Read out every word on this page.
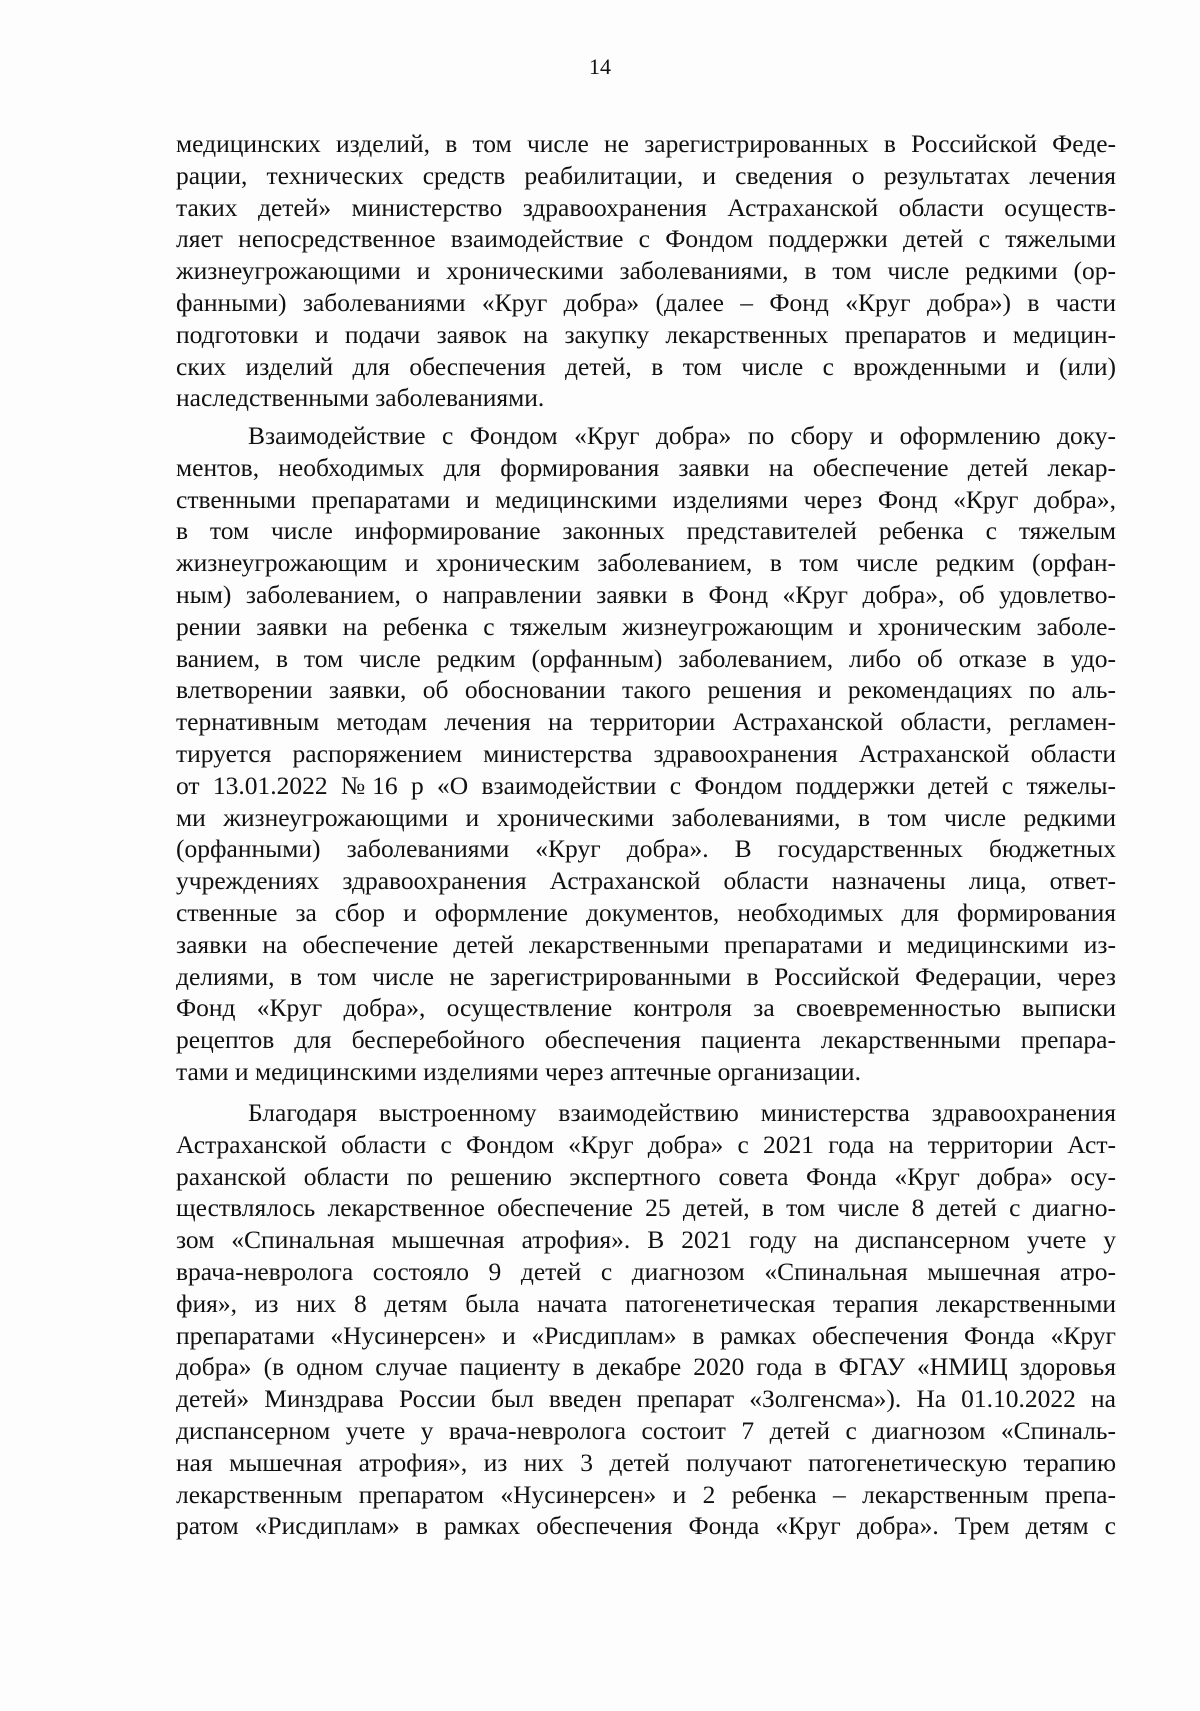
14
медицинских изделий, в том числе не зарегистрированных в Российской Феде-
рации, технических средств реабилитации, и сведения о результатах лечения
таких детей» министерство здравоохранения Астраханской области осуществ-
ляет непосредственное взаимодействие с Фондом поддержки детей с тяжелыми
жизнеугрожающими и хроническими заболеваниями, в том числе редкими (ор-
фанными) заболеваниями «Круг добра» (далее – Фонд «Круг добра») в части
подготовки и подачи заявок на закупку лекарственных препаратов и медицин-
ских изделий для обеспечения детей, в том числе с врожденными и (или)
наследственными заболеваниями.
Взаимодействие с Фондом «Круг добра» по сбору и оформлению доку-
ментов, необходимых для формирования заявки на обеспечение детей лекар-
ственными препаратами и медицинскими изделиями через Фонд «Круг добра»,
в том числе информирование законных представителей ребенка с тяжелым
жизнеугрожающим и хроническим заболеванием, в том числе редким (орфан-
ным) заболеванием, о направлении заявки в Фонд «Круг добра», об удовлетво-
рении заявки на ребенка с тяжелым жизнеугрожающим и хроническим заболе-
ванием, в том числе редким (орфанным) заболеванием, либо об отказе в удо-
влетворении заявки, об обосновании такого решения и рекомендациях по аль-
тернативным методам лечения на территории Астраханской области, регламен-
тируется распоряжением министерства здравоохранения Астраханской области
от 13.01.2022 №16 р «О взаимодействии с Фондом поддержки детей с тяжелы-
ми жизнеугрожающими и хроническими заболеваниями, в том числе редкими
(орфанными) заболеваниями «Круг добра». В государственных бюджетных
учреждениях здравоохранения Астраханской области назначены лица, ответ-
ственные за сбор и оформление документов, необходимых для формирования
заявки на обеспечение детей лекарственными препаратами и медицинскими из-
делиями, в том числе не зарегистрированными в Российской Федерации, через
Фонд «Круг добра», осуществление контроля за своевременностью выписки
рецептов для бесперебойного обеспечения пациента лекарственными препара-
тами и медицинскими изделиями через аптечные организации.
Благодаря выстроенному взаимодействию министерства здравоохранения
Астраханской области с Фондом «Круг добра» с 2021 года на территории Аст-
раханской области по решению экспертного совета Фонда «Круг добра» осу-
ществлялось лекарственное обеспечение 25 детей, в том числе 8 детей с диагно-
зом «Спинальная мышечная атрофия». В 2021 году на диспансерном учете у
врача-невролога состояло 9 детей с диагнозом «Спинальная мышечная атро-
фия», из них 8 детям была начата патогенетическая терапия лекарственными
препаратами «Нусинерсен» и «Рисдиплам» в рамках обеспечения Фонда «Круг
добра» (в одном случае пациенту в декабре 2020 года в ФГАУ «НМИЦ здоровья
детей» Минздрава России был введен препарат «Золгенсма»). На 01.10.2022 на
диспансерном учете у врача-невролога состоит 7 детей с диагнозом «Спиналь-
ная мышечная атрофия», из них 3 детей получают патогенетическую терапию
лекарственным препаратом «Нусинерсен» и 2 ребенка – лекарственным препа-
ратом «Рисдиплам» в рамках обеспечения Фонда «Круг добра». Трем детям с
